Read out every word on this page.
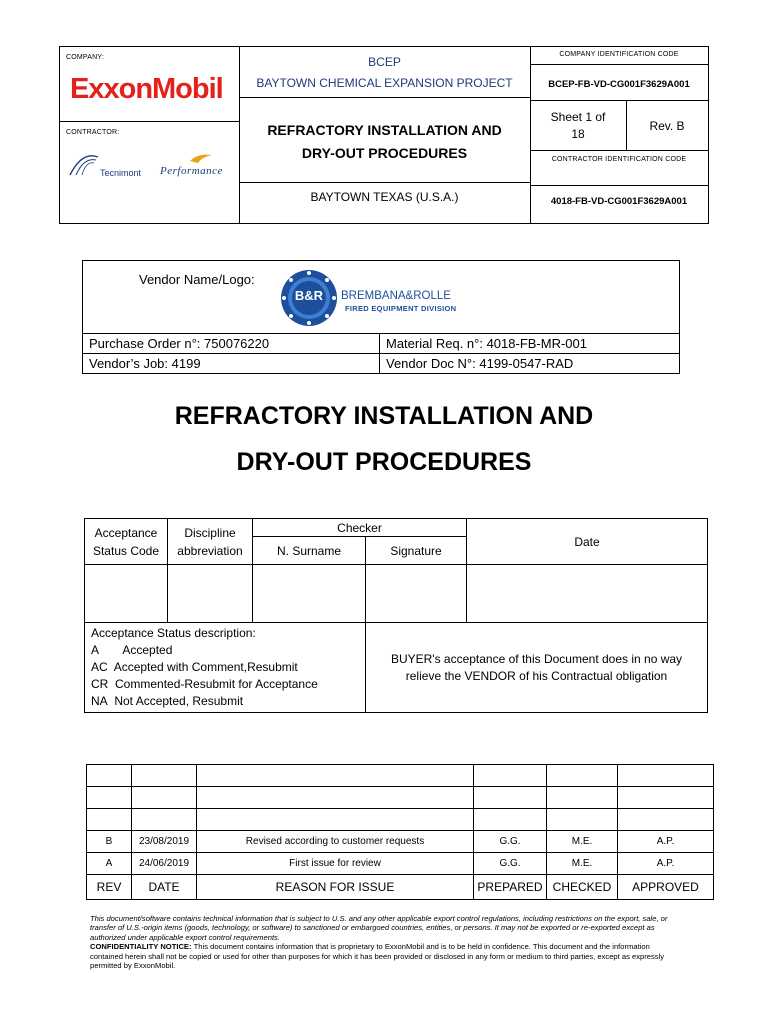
COMPANY:
ExxonMobil
CONTRACTOR:
Tecnimont Performance
BCEP
BAYTOWN CHEMICAL EXPANSION PROJECT
REFRACTORY INSTALLATION AND
DRY-OUT PROCEDURES
BAYTOWN TEXAS (U.S.A.)
COMPANY IDENTIFICATION CODE
BCEP-FB-VD-CG001F3629A001
Sheet 1 of 18
Rev. B
CONTRACTOR IDENTIFICATION CODE
4018-FB-VD-CG001F3629A001
Vendor Name/Logo:
B&R	BREMBANA&ROLLE
FIRED EQUIPMENT DIVISION
Purchase Order n°: 750076220	Material Req. n°: 4018-FB-MR-001
Vendor’s Job: 4199	Vendor Doc N°: 4199-0547-RAD
REFRACTORY INSTALLATION AND
DRY-OUT PROCEDURES
Acceptance Status Code	Discipline abbreviation	Checker		Date
		N. Surname	Signature	

Acceptance Status description:
A Accepted
AC Accepted with Comment,Resubmit
CR Commented-Resubmit for Acceptance
NA Not Accepted, Resubmit			BUYER's acceptance of this Document does in no way relieve the VENDOR of his Contractual obligation	

B	23/08/2019	Revised according to customer requests	G.G.	M.E.	A.P.
A	24/06/2019	First issue for review	G.G.	M.E.	A.P.
REV	DATE	REASON FOR ISSUE	PREPARED	CHECKED	APPROVED
This document/software contains technical information that is subject to U.S. and any other applicable export control regulations, including restrictions on the export, sale, or transfer of U.S.-origin items (goods, technology, or software) to sanctioned or embargoed countries, entities, or persons. It may not be exported or re-exported except as authorized under applicable export control requirements.
CONFIDENTIALITY NOTICE: This document contains information that is proprietary to ExxonMobil and is to be held in confidence. This document and the information contained herein shall not be copied or used for other than purposes for which it has been provided or disclosed in any form or medium to third parties, except as expressly permitted by ExxonMobil.
